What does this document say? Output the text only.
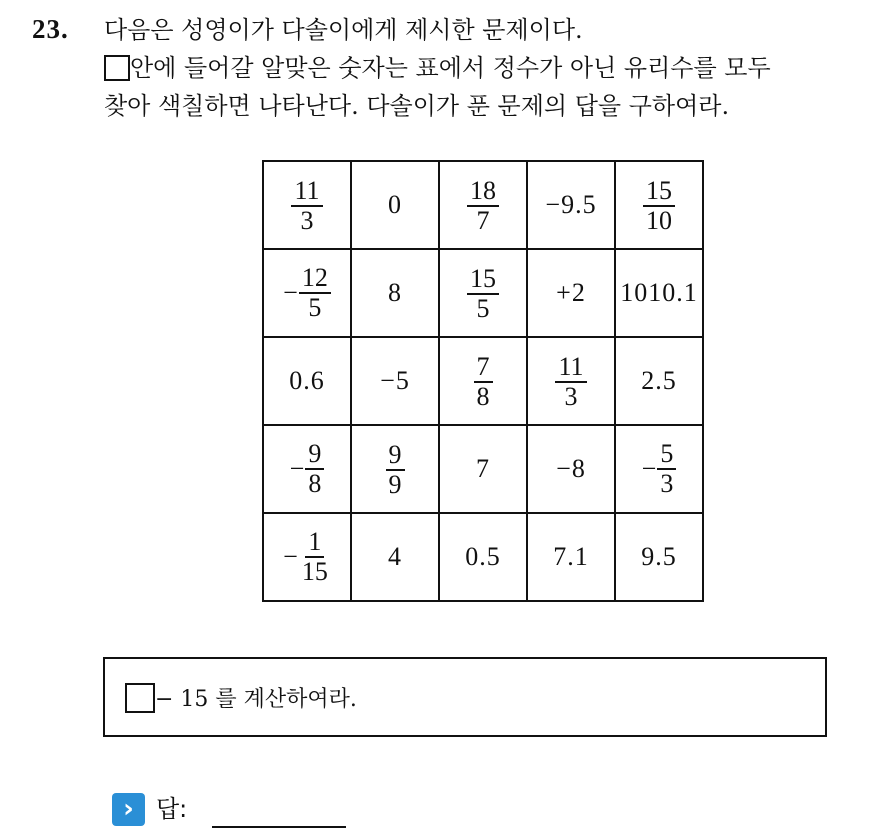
23. 다음은 성영이가 다솔이에게 제시한 문제이다.
안에 들어갈 알맞은 숫자는 표에서 정수가 아닌 유리수를 모두
찾아 색칠하면 나타난다. 다솔이가 푼 문제의 답을 구하여라.
$\frac{11}{3}$	0	$\frac{18}{7}$	−9.5	$\frac{15}{10}$

− $\frac{12}{5}$	8	$\frac{15}{5}$	+2	1010.1
0.6	−5	$\frac{7}{8}$	$\frac{11}{3}$	2.5

− $\frac{9}{8}$	$\frac{9}{9}$	7	−8	− $\frac{5}{3}$

− $\frac{1}{15}$	4	0.5	7.1	9.5
− 15 를 계산하여라.
› 답:
